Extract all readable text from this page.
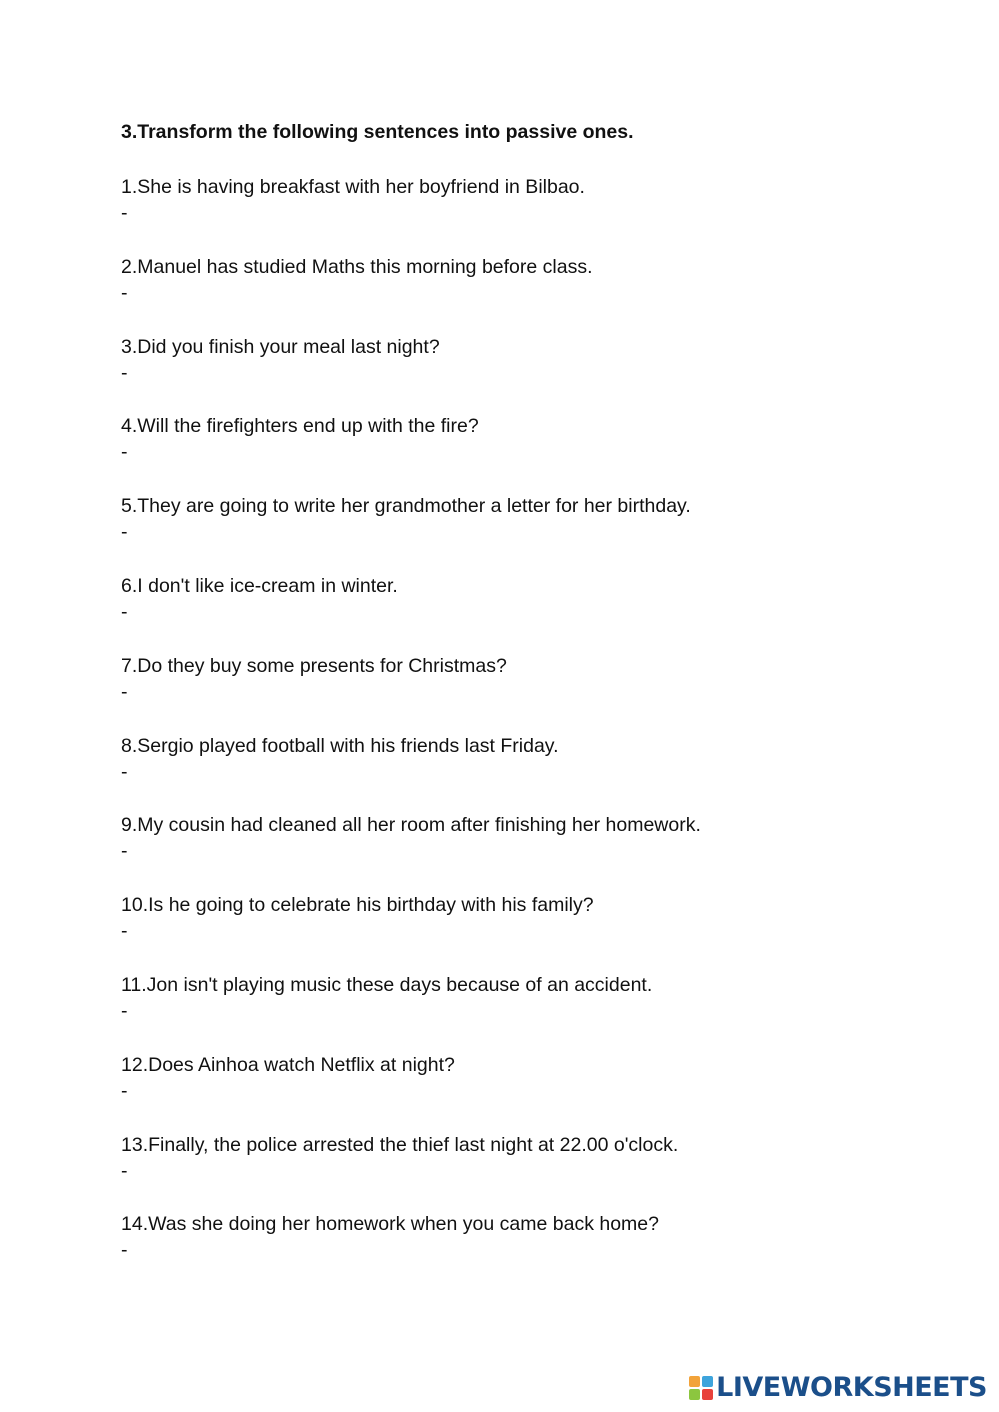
3.Transform the following sentences into passive ones.
1.She is having breakfast with her boyfriend in Bilbao.
-
2.Manuel has studied Maths this morning before class.
-
3.Did you finish your meal last night?
-
4.Will the firefighters end up with the fire?
-
5.They are going to write her grandmother a letter for her birthday.
-
6.I don't like ice-cream in winter.
-
7.Do they buy some presents for Christmas?
-
8.Sergio played football with his friends last Friday.
-
9.My cousin had cleaned all her room after finishing her homework.
-
10.Is he going to celebrate his birthday with his family?
-
11.Jon isn't playing music these days because of an accident.
-
12.Does Ainhoa watch Netflix at night?
-
13.Finally, the police arrested the thief last night at 22.00 o'clock.
-
14.Was she doing her homework when you came back home?
-
LIVEWORKSHEETS
